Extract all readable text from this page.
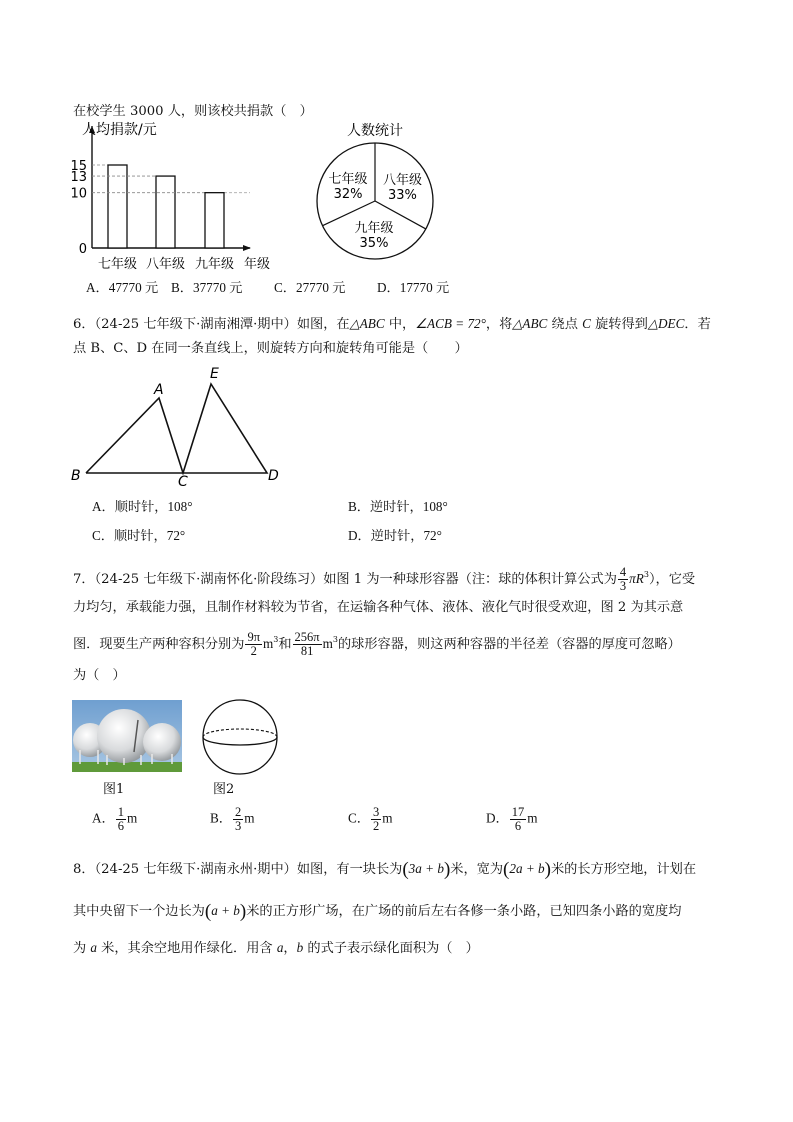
在校学生 3000 人，则该校共捐款（　）
0
10
13
15
七年级 八年级 九年级
人均捐款/元
年级
人数统计
八年级
33%
九年级
35%
七年级
32%
A．47770 元 B．37770 元 C．27770 元 D．17770 元
6．（24-25 七年级下·湖南湘潭·期中）如图，在△ABC 中，∠ACB = 72°，将△ABC 绕点 C 旋转得到△DEC．若
点 B、C、D 在同一条直线上，则旋转方向和旋转角可能是（　　）
A
E
B	C	D
A．顺时针，108°	B．逆时针，108°
C．顺时针，72°	D．逆时针，72°
7．（24-25 七年级下·湖南怀化·阶段练习）如图 1 为一种球形容器（注：球的体积计算公式为 $\frac{4}{3} \pi R^3$），它受
力均匀，承载能力强，且制作材料较为节省，在运输各种气体、液体、液化气时很受欢迎，图 2 为其示意
图．现要生产两种容积分别为 $\frac{9\pi}{2} m^3$和 $\frac{256\pi}{81} m^3$的球形容器，则这两种容器的半径差（容器的厚度可忽略）
为（　）
图1	图2
A． $\frac{1}{6}$ m	B． $\frac{2}{3}$ m	C． $\frac{3}{2}$ m	D． $\frac{17}{6}$ m
8．（24-25 七年级下·湖南永州·期中）如图，有一块长为(3a + b)米，宽为(2a + b)米的长方形空地，计划在
其中央留下一个边长为(a + b)米的正方形广场，在广场的前后左右各修一条小路，已知四条小路的宽度均
为 a 米，其余空地用作绿化．用含 a，b 的式子表示绿化面积为（　）
